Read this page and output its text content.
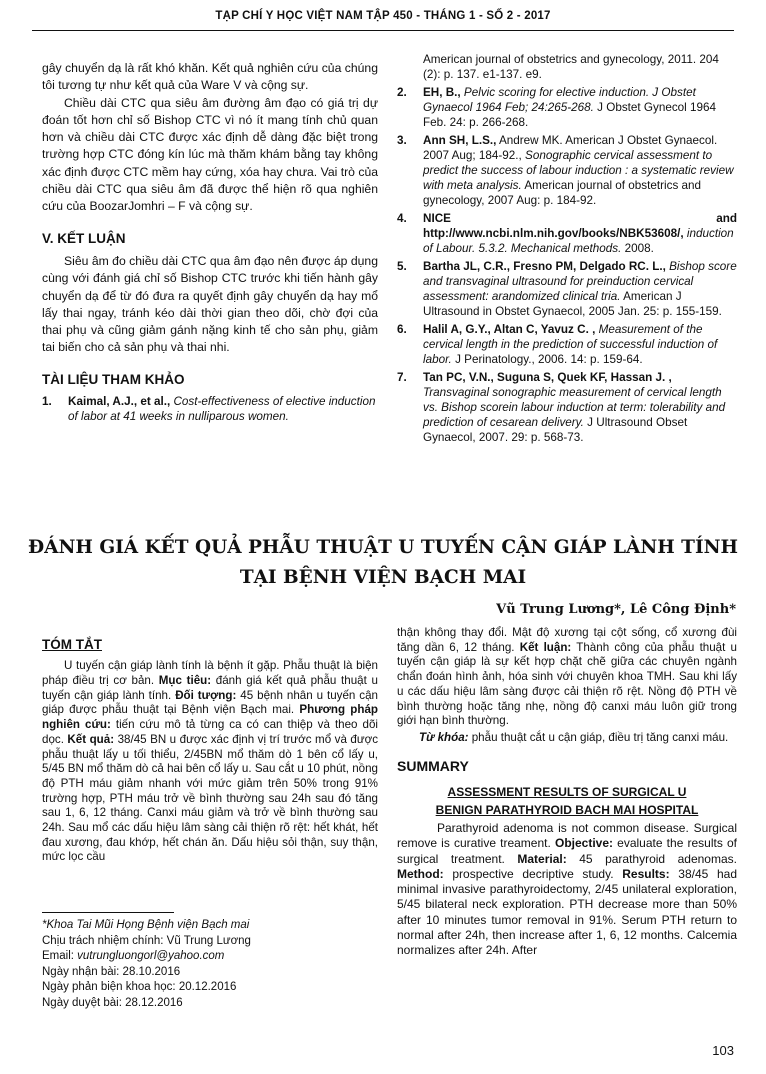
TẠP CHÍ Y HỌC VIỆT NAM TẬP 450 - THÁNG 1 - SỐ 2 - 2017

gây chuyển dạ là rất khó khăn. Kết quả nghiên cứu của chúng tôi tương tự như kết quả của Ware V và cộng sự.

Chiều dài CTC qua siêu âm đường âm đạo có giá trị dự đoán tốt hơn chỉ số Bishop CTC vì nó ít mang tính chủ quan hơn và chiều dài CTC được xác định dễ dàng đặc biệt trong trường hợp CTC đóng kín lúc mà thăm khám bằng tay không xác định được CTC mềm hay cứng, xóa hay chưa. Vai trò của chiều dài CTC qua siêu âm đã được thể hiện rõ qua nghiên cứu của BoozarJomhri – F và cộng sự.

V. KẾT LUẬN

Siêu âm đo chiều dài CTC qua âm đạo nên được áp dụng cùng với đánh giá chỉ số Bishop CTC trước khi tiến hành gây chuyển dạ để từ đó đưa ra quyết định gây chuyển dạ hay mổ lấy thai ngay, tránh kéo dài thời gian theo dõi, chờ đợi của thai phụ và cũng giảm gánh nặng kinh tế cho sản phụ, giảm tai biến cho cả sản phụ và thai nhi.

TÀI LIỆU THAM KHẢO
1.	Kaimal, A.J., et al., Cost-effectiveness of elective induction of labor at 41 weeks in nulliparous women.
American journal of obstetrics and gynecology, 2011. 204 (2): p. 137. e1-137. e9.
2.	EH, B., Pelvic scoring for elective induction. J Obstet Gynaecol 1964 Feb; 24:265-268. J Obstet Gynecol 1964 Feb. 24: p. 266-268.
3.	Ann SH, L.S., Andrew MK. American J Obstet Gynaecol. 2007 Aug; 184-92., Sonographic cervical assessment to predict the success of labour induction : a systematic review with meta analysis. American journal of obstetrics and gynecology, 2007 Aug: p. 184-92.
4.	NICE	and

http://www.ncbi.nlm.nih.gov/books/NBK53608/, induction of Labour. 5.3.2. Mechanical methods. 2008.
5.	Bartha JL, C.R., Fresno PM, Delgado RC. L., Bishop score and transvaginal ultrasound for preinduction cervical assessment: arandomized clinical tria. American J Ultrasound in Obstet Gynaecol, 2005 Jan. 25: p. 155-159.
6.	Halil A, G.Y., Altan C, Yavuz C. , Measurement of the cervical length in the prediction of successful induction of labor. J Perinatology., 2006. 14: p. 159-64.
7.	Tan PC, V.N., Suguna S, Quek KF, Hassan J. , Transvaginal sonographic measurement of cervical length vs. Bishop scorein labour induction at term: tolerability and prediction of cesarean delivery. J Ultrasound Obset Gynaecol, 2007. 29: p. 568-73.
ĐÁNH GIÁ KẾT QUẢ PHẪU THUẬT U TUYẾN CẬN GIÁP LÀNH TÍNH
TẠI BỆNH VIỆN BẠCH MAI
Vũ Trung Lương*, Lê Công Định*
TÓM TẮT

U tuyến cận giáp lành tính là bệnh ít gặp. Phẫu thuật là biện pháp điều trị cơ bản. Mục tiêu: đánh giá kết quả phẫu thuật u tuyến cận giáp lành tính. Đối tượng: 45 bệnh nhân u tuyến cận giáp được phẫu thuật tại Bệnh viện Bạch mai. Phương pháp nghiên cứu: tiến cứu mô tả từng ca có can thiệp và theo dõi dọc. Kết quả: 38/45 BN u được xác định vị trí trước mổ và được phẫu thuật lấy u tối thiểu, 2/45BN mổ thăm dò 1 bên cổ lấy u, 5/45 BN mổ thăm dò cả hai bên cổ lấy u. Sau cắt u 10 phút, nồng độ PTH máu giảm nhanh với mức giảm trên 50% trong 91% trường hợp, PTH máu trở về bình thường sau 24h sau đó tăng sau 1, 6, 12 tháng. Canxi máu giảm và trở về bình thường sau 24h. Sau mổ các dấu hiệu lâm sàng cải thiện rõ rệt: hết khát, hết đau xương, đau khớp, hết chán ăn. Dấu hiệu sỏi thận, suy thận, mức lọc cầu

thận không thay đổi. Mật độ xương tại cột sống, cổ xương đùi tăng dần 6, 12 tháng. Kết luận: Thành công của phẫu thuật u tuyến cận giáp là sự kết hợp chặt chẽ giữa các chuyên ngành chẩn đoán hình ảnh, hóa sinh với chuyên khoa TMH. Sau khi lấy u các dấu hiệu lâm sàng được cải thiện rõ rệt. Nồng độ PTH về bình thường hoặc tăng nhẹ, nồng độ canxi máu luôn giữ trong giới hạn bình thường.

Từ khóa: phẫu thuật cắt u cận giáp, điều trị tăng canxi máu.

SUMMARY
ASSESSMENT RESULTS OF SURGICAL U
BENIGN PARATHYROID BACH MAI HOSPITAL
Parathyroid adenoma is not common disease. Surgical remove is curative treament. Objective: evaluate the results of surgical treatment. Material: 45 parathyroid adenomas. Method: prospective decriptive study. Results: 38/45 had minimal invasive parathyroidectomy, 2/45 unilateral exploration, 5/45 bilateral neck exploration. PTH decrease more than 50% after 10 minutes tumor removal in 91%. Serum PTH return to normal after 24h, then increase after 1, 6, 12 months. Calcemia normalizes after 24h. After
*Khoa Tai Mũi Họng Bệnh viện Bạch mai
Chịu trách nhiệm chính: Vũ Trung Lương
Email: vutrungluongorl@yahoo.com
Ngày nhận bài: 28.10.2016
Ngày phản biện khoa học: 20.12.2016
Ngày duyệt bài: 28.12.2016
103
